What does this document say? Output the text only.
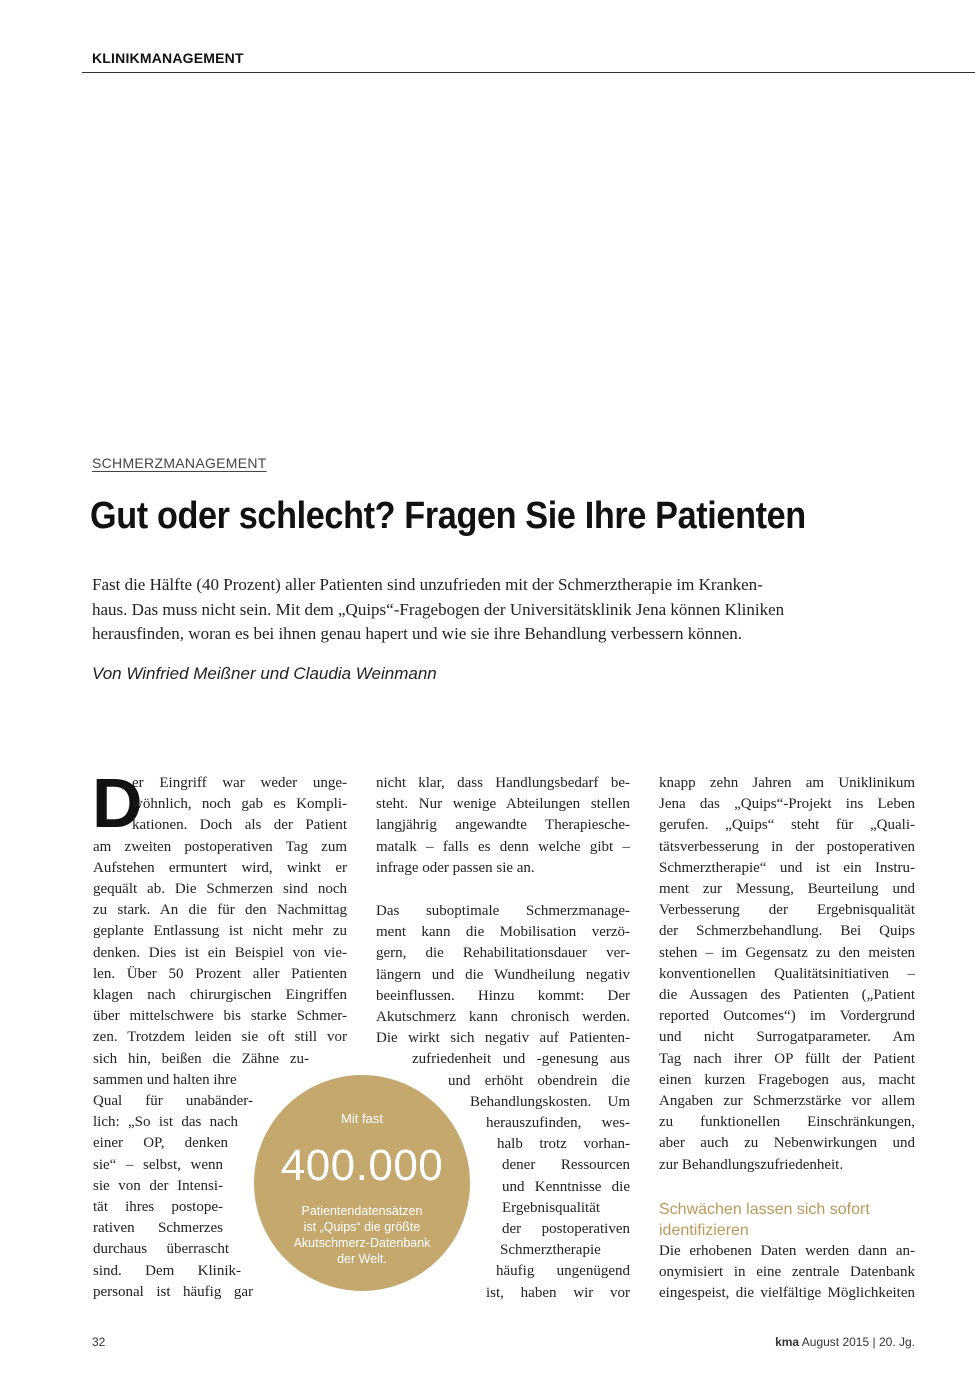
KLINIKMANAGEMENT
SCHMERZMANAGEMENT
Gut oder schlecht? Fragen Sie Ihre Patienten
Fast die Hälfte (40 Prozent) aller Patienten sind unzufrieden mit der Schmerztherapie im Kranken-
haus. Das muss nicht sein. Mit dem „Quips“-Fragebogen der Universitätsklinik Jena können Kliniken
herausfinden, woran es bei ihnen genau hapert und wie sie ihre Behandlung verbessern können.
Von Winfried Meißner und Claudia Weinmann
D
er Eingriff war weder unge-
wöhnlich, noch gab es Kompli-
kationen. Doch als der Patient
am zweiten postoperativen Tag zum
Aufstehen ermuntert wird, winkt er
gequält ab. Die Schmerzen sind noch
zu stark. An die für den Nachmittag
geplante Entlassung ist nicht mehr zu
denken. Dies ist ein Beispiel von vie-
len. Über 50 Prozent aller Patienten
klagen nach chirurgischen Eingriffen
über mittelschwere bis starke Schmer-
zen. Trotzdem leiden sie oft still vor
sich hin, beißen die Zähne zu-
sammen und halten ihre
Qual für unabänder-
lich: „So ist das nach
einer OP, denken
sie“ – selbst, wenn
sie von der Intensi-
tät ihres postope-
rativen Schmerzes
durchaus überrascht
sind. Dem Klinik-
personal ist häufig gar
nicht klar, dass Handlungsbedarf be-
steht. Nur wenige Abteilungen stellen
langjährig angewandte Therapiesche-
matalk – falls es denn welche gibt –
infrage oder passen sie an.
Das suboptimale Schmerzmanage-
ment kann die Mobilisation verzö-
gern, die Rehabilitationsdauer ver-
längern und die Wundheilung negativ
beeinflussen. Hinzu kommt: Der
Akutschmerz kann chronisch werden.
Die wirkt sich negativ auf Patienten-
zufriedenheit und -genesung aus
und erhöht obendrein die
Behandlungskosten. Um
herauszufinden, wes-
halb trotz vorhan-
dener Ressourcen
und Kenntnisse die
Ergebnisqualität
der postoperativen
Schmerztherapie
häufig ungenügend
ist, haben wir vor
knapp zehn Jahren am Uniklinikum
Jena das „Quips“-Projekt ins Leben
gerufen. „Quips“ steht für „Quali-
tätsverbesserung in der postoperativen
Schmerztherapie“ und ist ein Instru-
ment zur Messung, Beurteilung und
Verbesserung der Ergebnisqualität
der Schmerzbehandlung. Bei Quips
stehen – im Gegensatz zu den meisten
konventionellen Qualitätsinitiativen –
die Aussagen des Patienten („Patient
reported Outcomes“) im Vordergrund
und nicht Surrogatparameter. Am
Tag nach ihrer OP füllt der Patient
einen kurzen Fragebogen aus, macht
Angaben zur Schmerzstärke vor allem
zu funktionellen Einschränkungen,
aber auch zu Nebenwirkungen und
zur Behandlungszufriedenheit.
Die erhobenen Daten werden dann an-
onymisiert in eine zentrale Datenbank
eingespeist, die vielfältige Möglichkeiten
Schwächen lassen sich sofort
identifizieren
Mit fast
400.000
Patientendatensätzen
ist „Quips“ die größte
Akutschmerz-Datenbank
der Welt.
32	kma August 2015 | 20. Jg.
